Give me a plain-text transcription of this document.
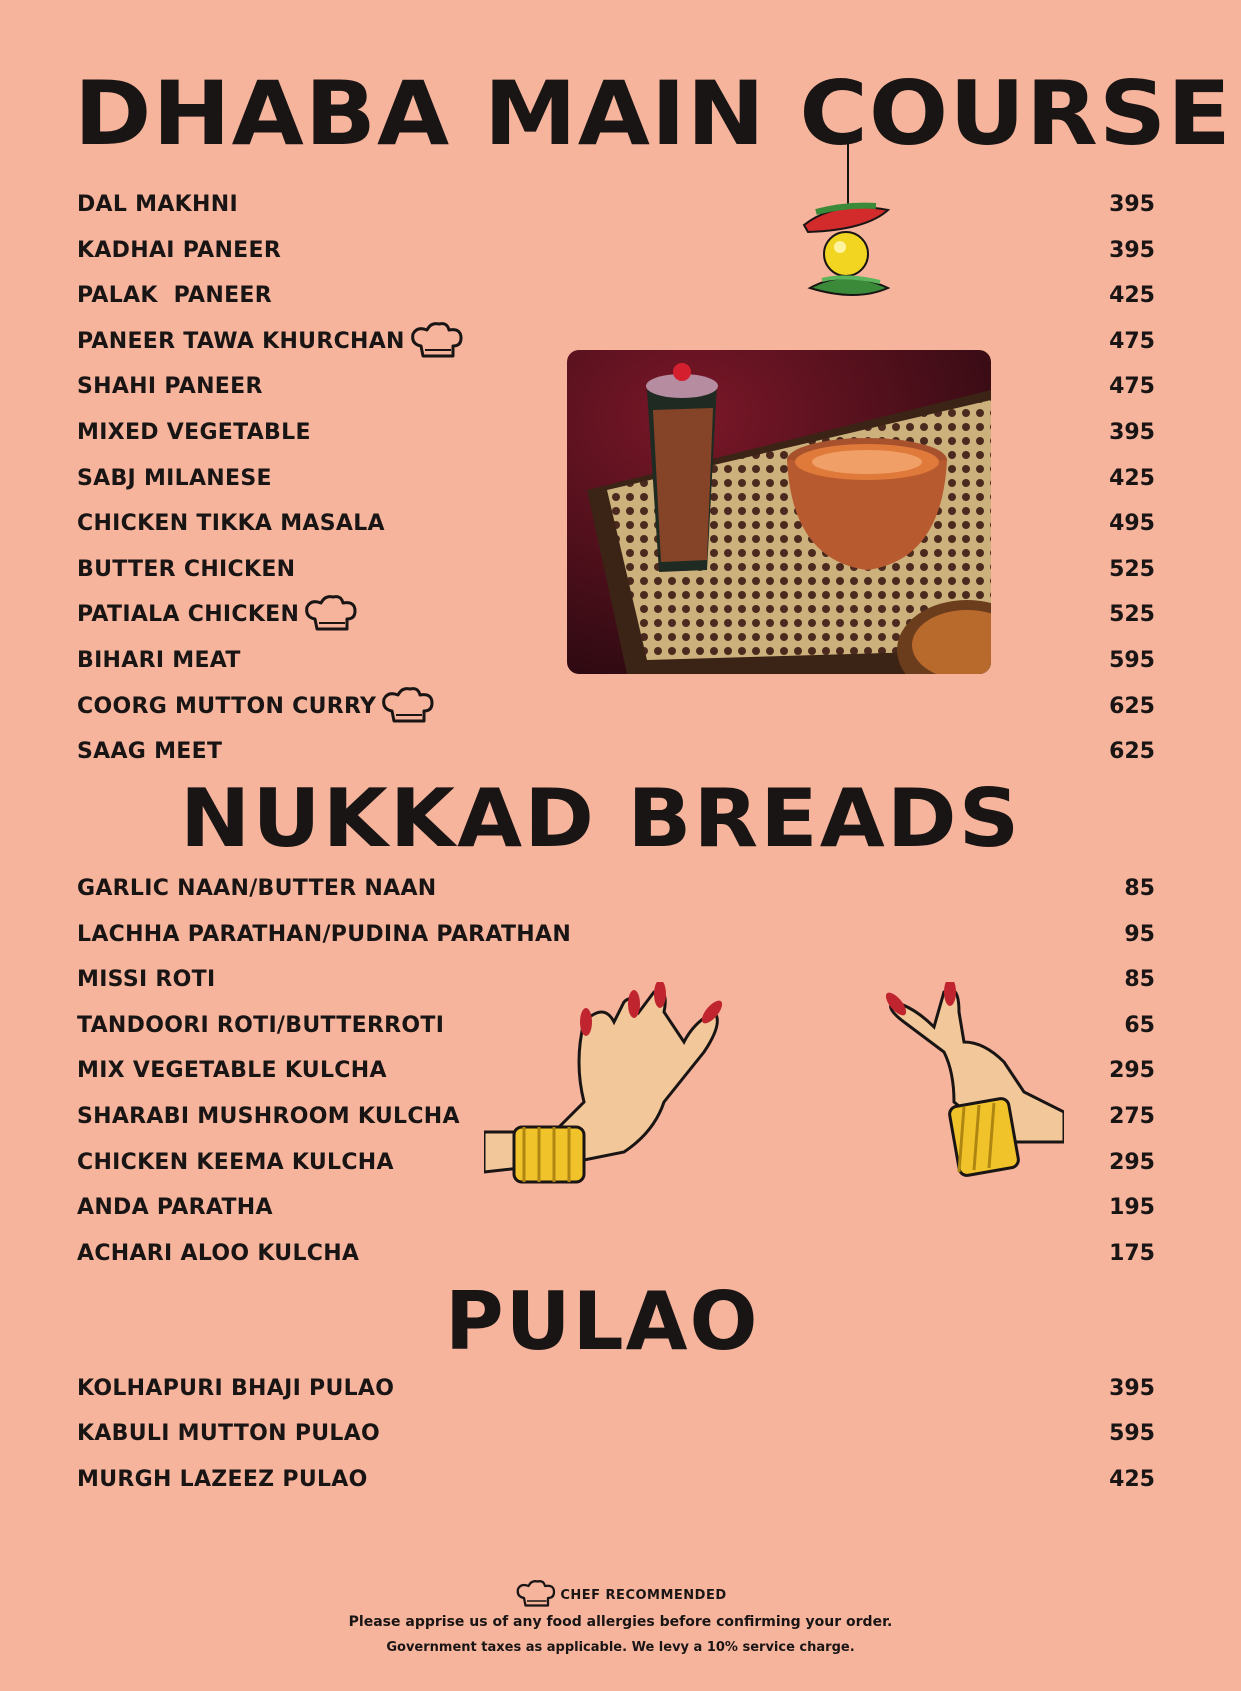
DHABA MAIN COURSE
NUKKAD BREADS
PULAO
DAL MAKHNI	395
KADHAI PANEER	395
PALAK  PANEER	425
PANEER TAWA KHURCHAN	475
SHAHI PANEER	475
MIXED VEGETABLE	395
SABJ MILANESE	425
CHICKEN TIKKA MASALA	495
BUTTER CHICKEN	525
PATIALA CHICKEN	525
BIHARI MEAT	595
COORG MUTTON CURRY	625
SAAG MEET	625
GARLIC NAAN/BUTTER NAAN	85
LACHHA PARATHAN/PUDINA PARATHAN	95
MISSI ROTI	85
TANDOORI ROTI/BUTTERROTI	65
MIX VEGETABLE KULCHA	295
SHARABI MUSHROOM KULCHA	275
CHICKEN KEEMA KULCHA	295
ANDA PARATHA	195
ACHARI ALOO KULCHA	175
KOLHAPURI BHAJI PULAO	395
KABULI MUTTON PULAO	595
MURGH LAZEEZ PULAO	425
CHEF RECOMMENDED
Please apprise us of any food allergies before confirming your order.
Government taxes as applicable. We levy a 10% service charge.
